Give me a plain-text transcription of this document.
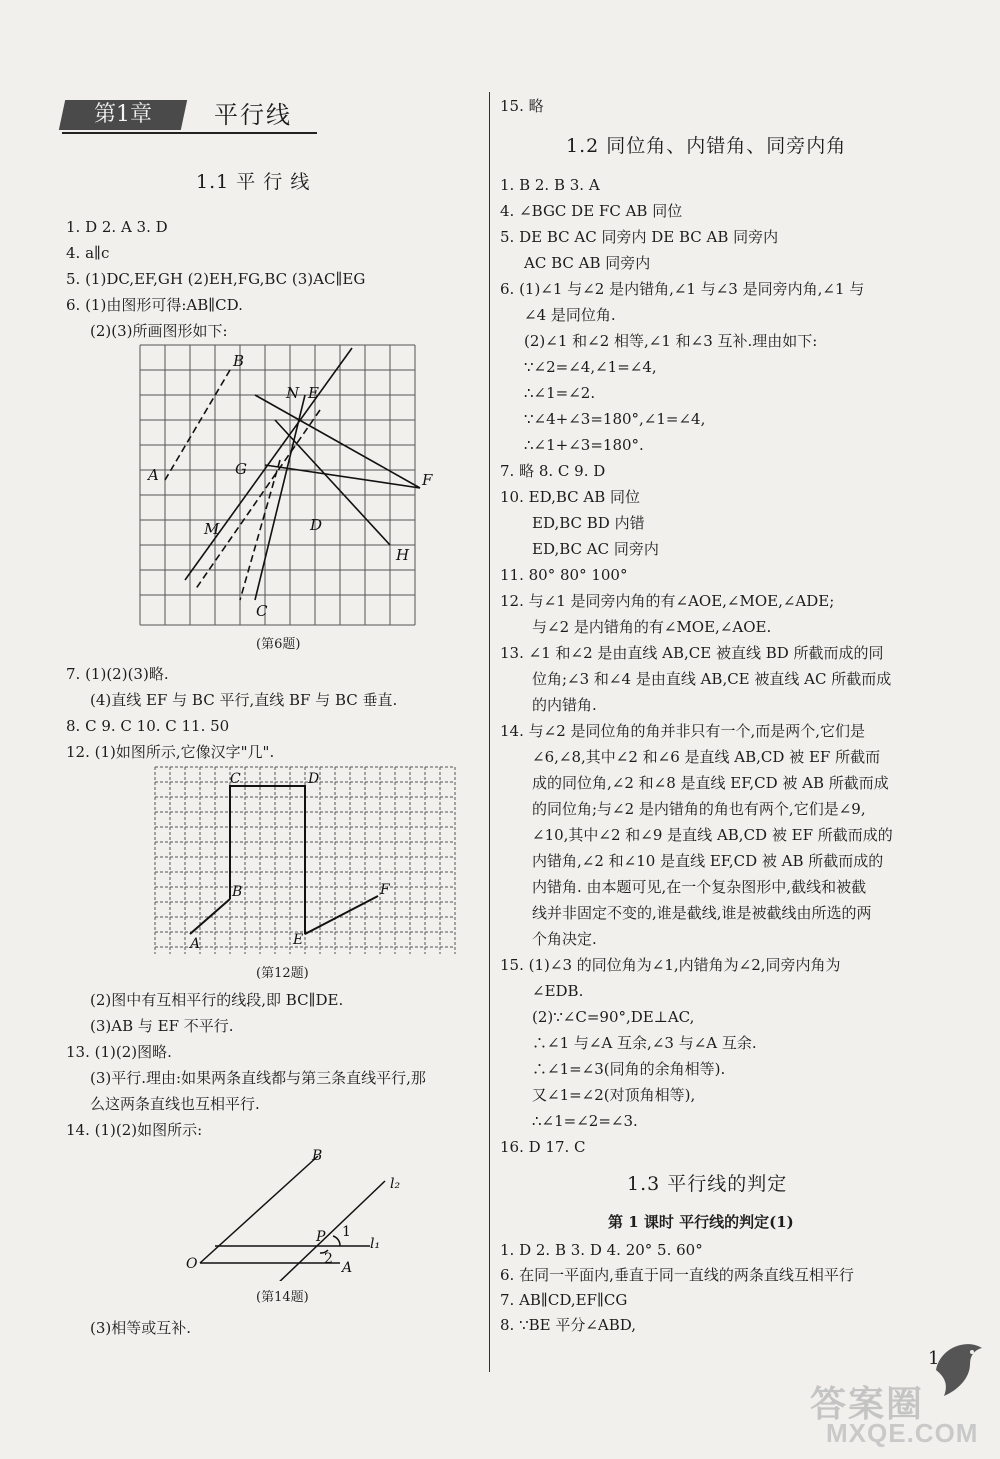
第1章	平行线
1.1 平 行 线
1. D 2. A 3. D
4. a∥c
5. (1)DC,EF,GH (2)EH,FG,BC (3)AC∥EG
6. (1)由图形可得:AB∥CD.
(2)(3)所画图形如下:
B
N E
A	G
F
M	D
H
C
(第6题)
7. (1)(2)(3)略.
(4)直线 EF 与 BC 平行,直线 BF 与 BC 垂直.
8. C 9. C 10. C 11. 50
12. (1)如图所示,它像汉字"几".
C	D
B	F
A	E
(第12题)
(2)图中有互相平行的线段,即 BC∥DE.
(3)AB 与 EF 不平行.
13. (1)(2)图略.
(3)平行.理由:如果两条直线都与第三条直线平行,那
么这两条直线也互相平行.
14. (1)(2)如图所示:
B
l₂
P 1
2
l₁
O	A
(第14题)
(3)相等或互补.
15. 略
1.2 同位角、内错角、同旁内角
1. B 2. B 3. A
4. ∠BGC DE FC AB 同位
5. DE BC AC 同旁内 DE BC AB 同旁内
AC BC AB 同旁内
6. (1)∠1 与∠2 是内错角,∠1 与∠3 是同旁内角,∠1 与
∠4 是同位角.
(2)∠1 和∠2 相等,∠1 和∠3 互补.理由如下:
∵∠2=∠4,∠1=∠4,
∴∠1=∠2.
∵∠4+∠3=180°,∠1=∠4,
∴∠1+∠3=180°.
7. 略 8. C 9. D
10. ED,BC AB 同位
ED,BC BD 内错
ED,BC AC 同旁内
11. 80° 80° 100°
12. 与∠1 是同旁内角的有∠AOE,∠MOE,∠ADE;
与∠2 是内错角的有∠MOE,∠AOE.
13. ∠1 和∠2 是由直线 AB,CE 被直线 BD 所截而成的同
位角;∠3 和∠4 是由直线 AB,CE 被直线 AC 所截而成
的内错角.
14. 与∠2 是同位角的角并非只有一个,而是两个,它们是
∠6,∠8,其中∠2 和∠6 是直线 AB,CD 被 EF 所截而
成的同位角,∠2 和∠8 是直线 EF,CD 被 AB 所截而成
的同位角;与∠2 是内错角的角也有两个,它们是∠9,
∠10,其中∠2 和∠9 是直线 AB,CD 被 EF 所截而成的
内错角,∠2 和∠10 是直线 EF,CD 被 AB 所截而成的
内错角. 由本题可见,在一个复杂图形中,截线和被截
线并非固定不变的,谁是截线,谁是被截线由所选的两
个角决定.
15. (1)∠3 的同位角为∠1,内错角为∠2,同旁内角为
∠EDB.
(2)∵∠C=90°,DE⊥AC,
∴∠1 与∠A 互余,∠3 与∠A 互余.
∴∠1=∠3(同角的余角相等).
又∠1=∠2(对顶角相等),
∴∠1=∠2=∠3.
16. D 17. C
1.3 平行线的判定
第 1 课时 平行线的判定(1)
1. D 2. B 3. D 4. 20° 5. 60°
6. 在同一平面内,垂直于同一直线的两条直线互相平行
7. AB∥CD,EF∥CG
8. ∵BE 平分∠ABD,
1
答案圈
MXQE.COM
